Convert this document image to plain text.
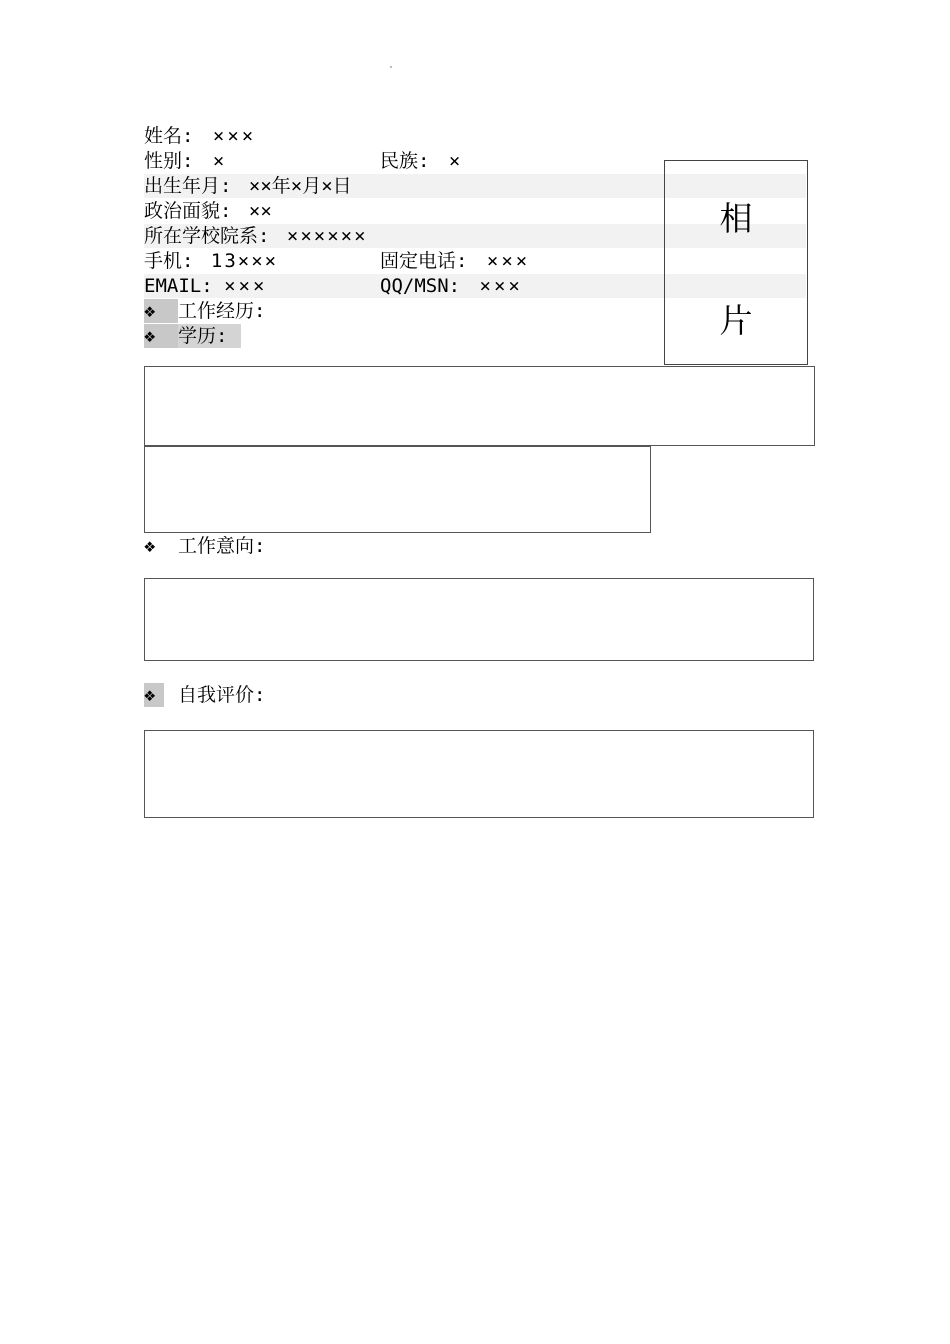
姓名: ×××
性别: ×	民族: ×
出生年月: ××年×月×日
政治面貌: ××
所在学校院系: ××××××
手机: 13×××	固定电话: ×××
EMAIL: ×××	QQ/MSN: ×××
相
片
❖	工作经历:
❖	学历:
❖	工作意向:
❖	自我评价:
